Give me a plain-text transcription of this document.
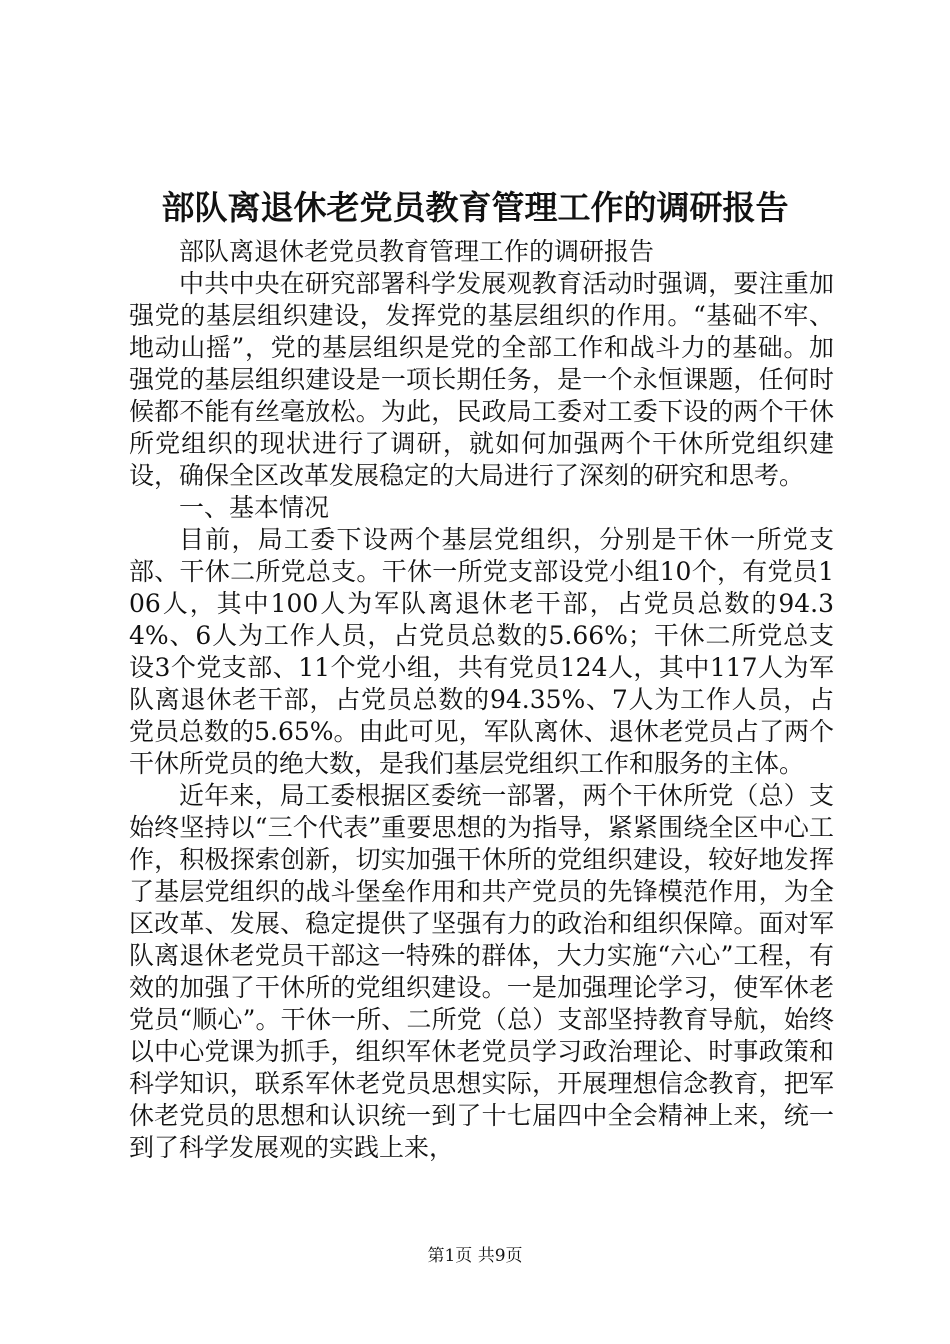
部队离退休老党员教育管理工作的调研报告

部队离退休老党员教育管理工作的调研报告

中共中央在研究部署科学发展观教育活动时强调，要注重加强党的基层组织建设，发挥党的基层组织的作用。“基础不牢、地动山摇”，党的基层组织是党的全部工作和战斗力的基础。加强党的基层组织建设是一项长期任务，是一个永恒课题，任何时候都不能有丝毫放松。为此，民政局工委对工委下设的两个干休所党组织的现状进行了调研，就如何加强两个干休所党组织建设，确保全区改革发展稳定的大局进行了深刻的研究和思考。

一、基本情况

目前，局工委下设两个基层党组织，分别是干休一所党支部、干休二所党总支。干休一所党支部设党小组10个，有党员106人，其中100人为军队离退休老干部，占党员总数的94.34%、6人为工作人员，占党员总数的5.66%；干休二所党总支设3个党支部、11个党小组，共有党员124人，其中117人为军队离退休老干部，占党员总数的94.35%、7人为工作人员，占党员总数的5.65%。由此可见，军队离休、退休老党员占了两个干休所党员的绝大数，是我们基层党组织工作和服务的主体。

近年来，局工委根据区委统一部署，两个干休所党（总）支始终坚持以“三个代表”重要思想的为指导，紧紧围绕全区中心工作，积极探索创新，切实加强干休所的党组织建设，较好地发挥了基层党组织的战斗堡垒作用和共产党员的先锋模范作用，为全区改革、发展、稳定提供了坚强有力的政治和组织保障。面对军队离退休老党员干部这一特殊的群体，大力实施“六心”工程，有效的加强了干休所的党组织建设。一是加强理论学习，使军休老党员“顺心”。干休一所、二所党（总）支部坚持教育导航，始终以中心党课为抓手，组织军休老党员学习政治理论、时事政策和科学知识，联系军休老党员思想实际，开展理想信念教育，把军休老党员的思想和认识统一到了十七届四中全会精神上来，统一到了科学发展观的实践上来，

第1页 共9页
